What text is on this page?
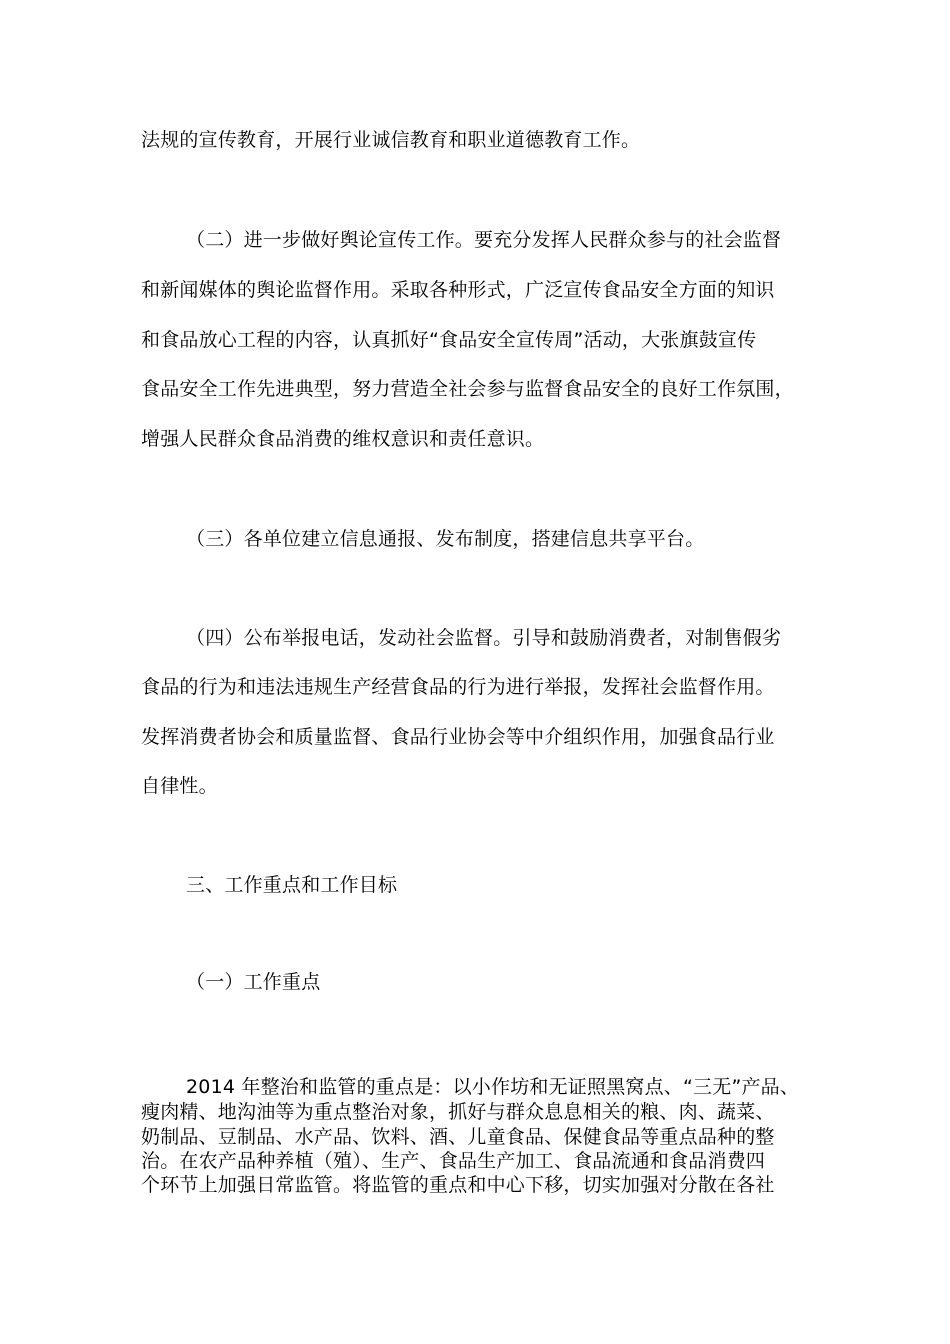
法规的宣传教育，开展行业诚信教育和职业道德教育工作。
（二）进一步做好舆论宣传工作。要充分发挥人民群众参与的社会监督
和新闻媒体的舆论监督作用。采取各种形式，广泛宣传食品安全方面的知识
和食品放心工程的内容，认真抓好“食品安全宣传周”活动，大张旗鼓宣传
食品安全工作先进典型，努力营造全社会参与监督食品安全的良好工作氛围，
增强人民群众食品消费的维权意识和责任意识。
（三）各单位建立信息通报、发布制度，搭建信息共享平台。
（四）公布举报电话，发动社会监督。引导和鼓励消费者，对制售假劣
食品的行为和违法违规生产经营食品的行为进行举报，发挥社会监督作用。
发挥消费者协会和质量监督、食品行业协会等中介组织作用，加强食品行业
自律性。
三、工作重点和工作目标
（一）工作重点
2014 年整治和监管的重点是：以小作坊和无证照黑窝点、“三无”产品、
瘦肉精、地沟油等为重点整治对象，抓好与群众息息相关的粮、肉、蔬菜、
奶制品、豆制品、水产品、饮料、酒、儿童食品、保健食品等重点品种的整
治。在农产品种养植（殖）、生产、食品生产加工、食品流通和食品消费四
个环节上加强日常监管。将监管的重点和中心下移，切实加强对分散在各社
